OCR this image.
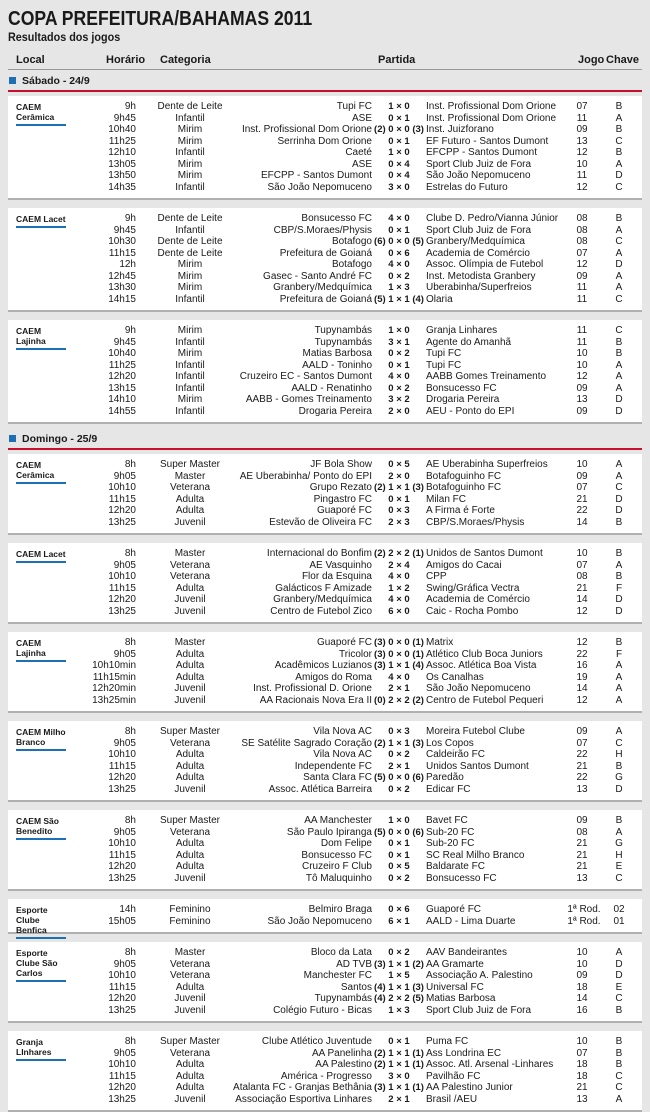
COPA PREFEITURA/BAHAMAS 2011
Resultados dos jogos
Local	Horário Categoria	Partida	Jogo Chave
Sábado - 24/9
CAEM Cerâmica
9h	Dente de Leite	Tupi FC	1 × 0	Inst. Profissional Dom Orione	07	B
9h45	Infantil	ASE	0 × 1	Inst. Profissional Dom Orione	11	A
10h40	Mirim	Inst. Profissional Dom Orione (2) 0 × 0 (3) Inst. Juizforano	09	B
11h25	Mirim	Serrinha Dom Orione	0 × 1	EF Futuro - Santos Dumont	13	C
12h10	Infantil	Caeté	1 × 0	EFCPP - Santos Dumont	12	B
13h05	Mirim	ASE	0 × 4	Sport Club Juiz de Fora	10	A
13h50	Mirim	EFCPP - Santos Dumont	0 × 4	São João Nepomuceno	11	D
14h35	Infantil	São João Nepomuceno	3 × 0	Estrelas do Futuro	12	C
CAEM Lacet	9h	Dente de Leite	Bonsucesso FC	4 × 0	Clube D. Pedro/Vianna Júnior	08	B
9h45	Infantil	CBP/S.Moraes/Physis	0 × 1	Sport Club Juiz de Fora	08	A
10h30	Dente de Leite	Botafogo (6) 0 × 0 (5) Granbery/Medquímica	08	C
11h15	Dente de Leite	Prefeitura de Goianá	0 × 6	Academia de Comércio	07	A
12h	Mirim	Botafogo	4 × 0	Assoc. Olímpia de Futebol	12	D
12h45	Mirim	Gasec - Santo André FC	0 × 2	Inst. Metodista Granbery	09	A
13h30	Mirim	Granbery/Medquímica	1 × 3	Uberabinha/Superfreios	11	A
14h15	Infantil	Prefeitura de Goianá (5) 1 × 1 (4) Olaria	11	C
CAEM Lajinha
9h	Mirim	Tupynambás	1 × 0	Granja Linhares	11	C
9h45	Infantil	Tupynambás	3 × 1	Agente do Amanhã	11	B
10h40	Mirim	Matias Barbosa	0 × 2	Tupi FC	10	B
11h25	Infantil	AALD - Toninho	0 × 1	Tupi FC	10	A
12h20	Infantil	Cruzeiro EC - Santos Dumont	4 × 0	AABB Gomes Treinamento	12	A
13h15	Infantil	AALD - Renatinho	0 × 2	Bonsucesso FC	09	A
14h10	Mirim	AABB - Gomes Treinamento	3 × 2	Drogaria Pereira	13	D
14h55	Infantil	Drogaria Pereira	2 × 0	AEU - Ponto do EPI	09	D
Domingo - 25/9
CAEM Cerâmica
8h	Super Master	JF Bola Show	0 × 5	AE Uberabinha Superfreios	10	A
9h05	Master	AE Uberabinha/ Ponto do EPI	2 × 0	Botafoguinho FC	09	A
10h10	Veterana	Grupo Rezato (2) 1 × 1 (3) Botafoguinho FC	07	C
11h15	Adulta	Pingastro FC	0 × 1	Milan FC	21	D
12h20	Adulta	Guaporé FC	0 × 3	A Firma é Forte	22	D
13h25	Juvenil	Estevão de Oliveira FC	2 × 3	CBP/S.Moraes/Physis	14	B
CAEM Lacet	8h	Master	Internacional do Bonfim (2) 2 × 2 (1) Unidos de Santos Dumont	10	B
9h05	Veterana	AE Vasquinho	2 × 4	Amigos do Cacai	07	A
10h10	Veterana	Flor da Esquina	4 × 0	CPP	08	B
11h15	Adulta	Galácticos F Amizade	1 × 2	Swing/Gráfica Vectra	21	F
12h20	Juvenil	Granbery/Medquímica	4 × 0	Academia de Comércio	14	D
13h25	Juvenil	Centro de Futebol Zico	6 × 0	Caic - Rocha Pombo	12	D
CAEM Lajinha
8h	Master	Guaporé FC (3) 0 × 0 (1) Matrix	12	B
9h05	Adulta	Tricolor (3) 0 × 0 (1) Atlético Club Boca Juniors	22	F
10h10min	Adulta	Acadêmicos Luzianos (3) 1 × 1 (4) Assoc. Atlética Boa Vista	16	A
11h15min	Adulta	Amigos do Roma	4 × 0	Os Canalhas	19	A
12h20min	Juvenil	Inst. Profissional D. Orione	2 × 1	São João Nepomuceno	14	A
13h25min	Juvenil	AA Racionais Nova Era II (0) 2 × 2 (2) Centro de Futebol Pequeri	12	A
CAEM Milho Branco
8h	Super Master	Vila Nova AC	0 × 3	Moreira Futebol Clube	09	A
9h05	Veterana	SE Satélite Sagrado Coração (2) 1 × 1 (3) Los Copos	07	C
10h10	Adulta	Vila Nova AC	0 × 2	Caldeirão FC	22	H
11h15	Adulta	Independente FC	2 × 1	Unidos Santos Dumont	21	B
12h20	Adulta	Santa Clara FC (5) 0 × 0 (6) Paredão	22	G
13h25	Juvenil	Assoc. Atlética Barreira	0 × 2	Edicar FC	13	D
CAEM São Benedito
8h	Super Master	AA Manchester	1 × 0	Bavet FC	09	B
9h05	Veterana	São Paulo Ipiranga (5) 0 × 0 (6) Sub-20 FC	08	A
10h10	Adulta	Dom Felipe	0 × 1	Sub-20 FC	21	G
11h15	Adulta	Bonsucesso FC	0 × 1	SC Real Milho Branco	21	H
12h20	Adulta	Cruzeiro F Club	0 × 5	Baldarate FC	21	E
13h25	Juvenil	Tô Maluquinho	0 × 2	Bonsucesso FC	13	C
Esporte Clube Benfica
14h	Feminino	Belmiro Braga	0 × 6	Guaporé FC	1ª Rod.	02
15h05	Feminino	São João Nepomuceno	6 × 1	AALD - Lima Duarte	1ª Rod.	01
Esporte Clube São Carlos
8h	Master	Bloco da Lata	0 × 2	AAV Bandeirantes	10	A
9h05	Veterana	AD TVB (3) 1 × 1 (2) AA Gramarte	10	D
10h10	Veterana	Manchester FC	1 × 5	Associação A. Palestino	09	D
11h15	Adulta	Santos (4) 1 × 1 (3) Universal FC	18	E
12h20	Juvenil	Tupynambás (4) 2 × 2 (5) Matias Barbosa	14	C
13h25	Juvenil	Colégio Futuro - Bicas	1 × 3	Sport Club Juiz de Fora	16	B
Granja LInhares
8h	Super Master	Clube Atlético Juventude	0 × 1	Puma FC	10	B
9h05	Veterana	AA Panelinha (2) 1 × 1 (1) Ass Londrina EC	07	B
10h10	Adulta	AA Palestino (2) 1 × 1 (1) Assoc. Atl. Arsenal -Linhares	18	B
11h15	Adulta	América - Progresso	3 × 0	Pavilhão FC	18	C
12h20	Adulta	Atalanta FC - Granjas Bethânia (3) 1 × 1 (1) AA Palestino Junior	21	C
13h25	Juvenil	Associação Esportiva Linhares	2 × 1	Brasil /AEU	13	A
